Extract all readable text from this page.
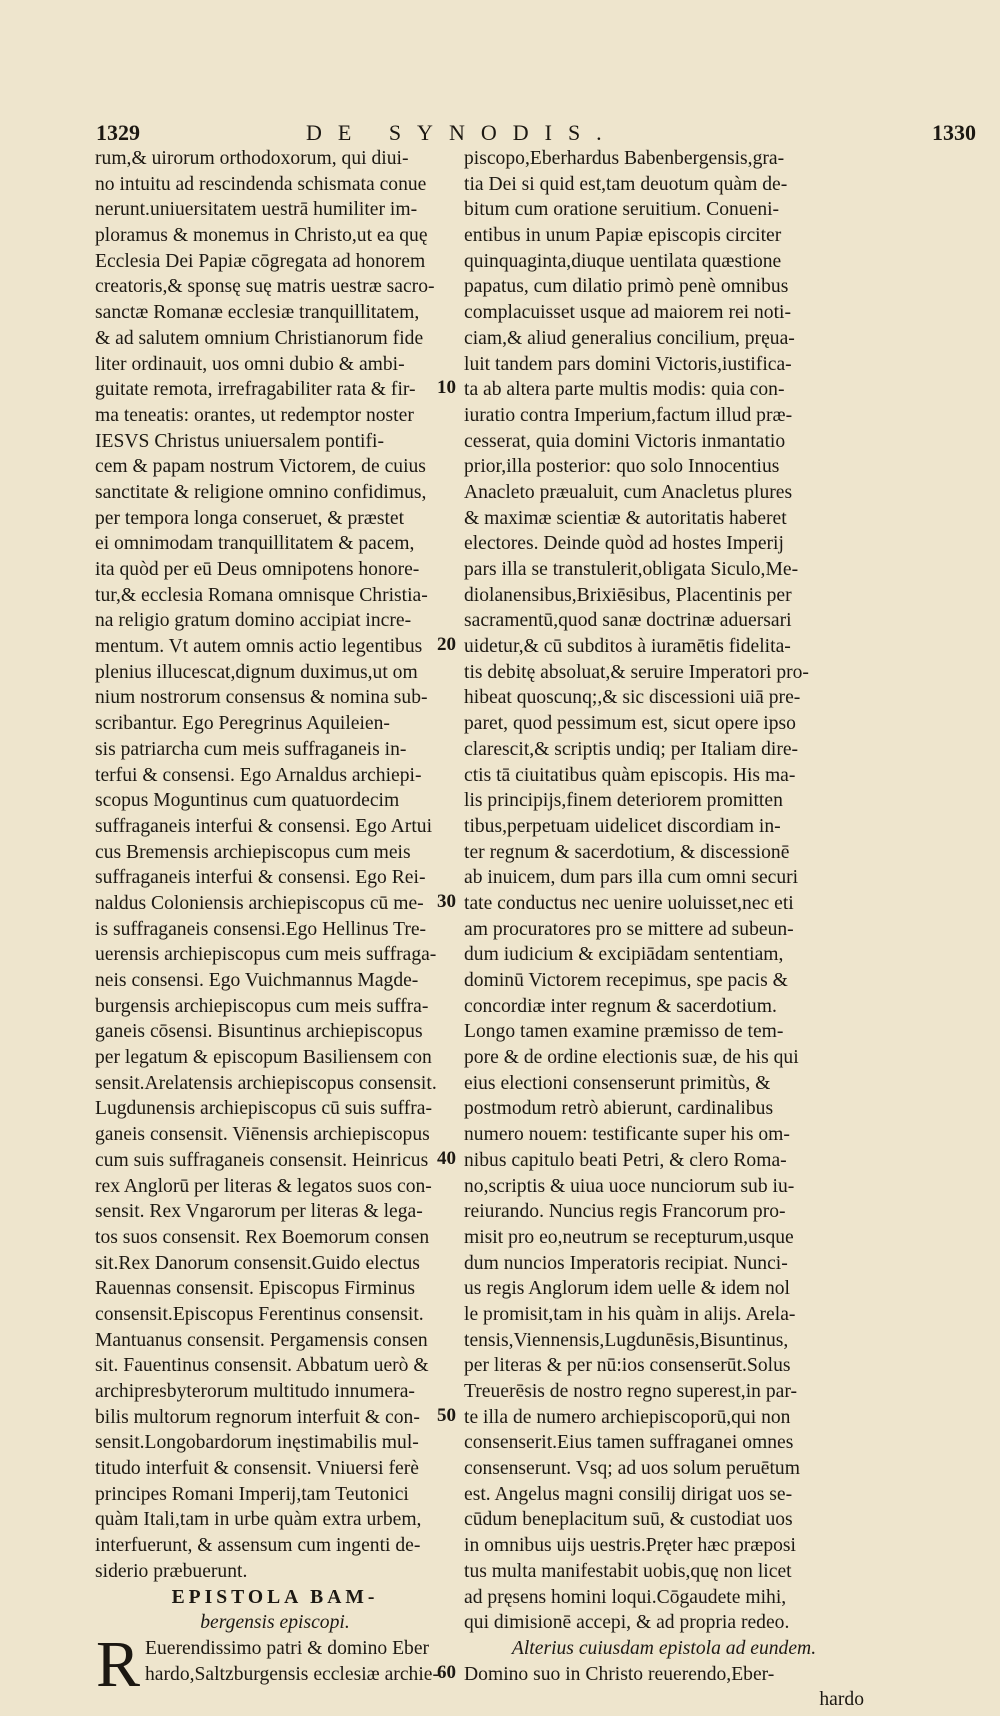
1329	DE SYNODIS.	1330
rum,& uirorum orthodoxorum, qui diui-
no intuitu ad rescindenda schismata conue
nerunt.uniuersitatem uestrā humiliter im-
ploramus & monemus in Christo,ut ea quę
Ecclesia Dei Papiæ cōgregata ad honorem
creatoris,& sponsę suę matris uestræ sacro-
sanctæ Romanæ ecclesiæ tranquillitatem,
& ad salutem omnium Christianorum fide
liter ordinauit, uos omni dubio & ambi-
guitate remota, irrefragabiliter rata & fir-
ma teneatis: orantes, ut redemptor noster
IESVS Christus uniuersalem pontifi-
cem & papam nostrum Victorem, de cuius
sanctitate & religione omnino confidimus,
per tempora longa conseruet, & præstet
ei omnimodam tranquillitatem & pacem,
ita quòd per eū Deus omnipotens honore-
tur,& ecclesia Romana omnisque Christia-
na religio gratum domino accipiat incre-
mentum. Vt autem omnis actio legentibus
plenius illucescat,dignum duximus,ut om
nium nostrorum consensus & nomina sub-
scribantur. Ego Peregrinus Aquileien-
sis patriarcha cum meis suffraganeis in-
terfui & consensi. Ego Arnaldus archiepi-
scopus Moguntinus cum quatuordecim
suffraganeis interfui & consensi. Ego Artui
cus Bremensis archiepiscopus cum meis
suffraganeis interfui & consensi. Ego Rei-
naldus Coloniensis archiepiscopus cū me-
is suffraganeis consensi.Ego Hellinus Tre-
uerensis archiepiscopus cum meis suffraga-
neis consensi. Ego Vuichmannus Magde-
burgensis archiepiscopus cum meis suffra-
ganeis cōsensi. Bisuntinus archiepiscopus
per legatum & episcopum Basiliensem con
sensit.Arelatensis archiepiscopus consensit.
Lugdunensis archiepiscopus cū suis suffra-
ganeis consensit. Viēnensis archiepiscopus
cum suis suffraganeis consensit. Heinricus
rex Anglorū per literas & legatos suos con-
sensit. Rex Vngarorum per literas & lega-
tos suos consensit. Rex Boemorum consen
sit.Rex Danorum consensit.Guido electus
Rauennas consensit. Episcopus Firminus
consensit.Episcopus Ferentinus consensit.
Mantuanus consensit. Pergamensis consen
sit. Fauentinus consensit. Abbatum uerò &
archipresbyterorum multitudo innumera-
bilis multorum regnorum interfuit & con-
sensit.Longobardorum inęstimabilis mul-
titudo interfuit & consensit. Vniuersi ferè
principes Romani Imperij,tam Teutonici
quàm Itali,tam in urbe quàm extra urbem,
interfuerunt, & assensum cum ingenti de-
siderio præbuerunt.
EPISTOLA BAM-
bergensis episcopi.
Euerendissimo patri & domino Eber
hardo,Saltzburgensis ecclesiæ archie-
piscopo,Eberhardus Babenbergensis,gra-
tia Dei si quid est,tam deuotum quàm de-
bitum cum oratione seruitium. Conueni-
entibus in unum Papiæ episcopis circiter
quinquaginta,diuque uentilata quæstione
papatus, cum dilatio primò penè omnibus
complacuisset usque ad maiorem rei noti-
ciam,& aliud generalius concilium, pręua-
luit tandem pars domini Victoris,iustifica-
ta ab altera parte multis modis: quia con-
iuratio contra Imperium,factum illud præ-
cesserat, quia domini Victoris inmantatio
prior,illa posterior: quo solo Innocentius
Anacleto præualuit, cum Anacletus plures
& maximæ scientiæ & autoritatis haberet
electores. Deinde quòd ad hostes Imperij
pars illa se transtulerit,obligata Siculo,Me-
diolanensibus,Brixiēsibus, Placentinis per
sacramentū,quod sanæ doctrinæ aduersari
uidetur,& cū subditos à iuramētis fidelita-
tis debitę absoluat,& seruire Imperatori pro-
hibeat quoscunq;,& sic discessioni uiā pre-
paret, quod pessimum est, sicut opere ipso
clarescit,& scriptis undiq; per Italiam dire-
ctis tā ciuitatibus quàm episcopis. His ma-
lis principijs,finem deteriorem promitten
tibus,perpetuam uidelicet discordiam in-
ter regnum & sacerdotium, & discessionē
ab inuicem, dum pars illa cum omni securi
tate conductus nec uenire uoluisset,nec eti
am procuratores pro se mittere ad subeun-
dum iudicium & excipiādam sententiam,
dominū Victorem recepimus, spe pacis &
concordiæ inter regnum & sacerdotium.
Longo tamen examine præmisso de tem-
pore & de ordine electionis suæ, de his qui
eius electioni consenserunt primitùs, &
postmodum retrò abierunt, cardinalibus
numero nouem: testificante super his om-
nibus capitulo beati Petri, & clero Roma-
no,scriptis & uiua uoce nunciorum sub iu-
reiurando. Nuncius regis Francorum pro-
misit pro eo,neutrum se recepturum,usque
dum nuncios Imperatoris recipiat. Nunci-
us regis Anglorum idem uelle & idem nol
le promisit,tam in his quàm in alijs. Arela-
tensis,Viennensis,Lugdunēsis,Bisuntinus,
per literas & per nū:ios consenserūt.Solus
Treuerēsis de nostro regno superest,in par-
te illa de numero archiepiscoporū,qui non
consenserit.Eius tamen suffraganei omnes
consenserunt. Vsq; ad uos solum peruētum
est. Angelus magni consilij dirigat uos se-
cūdum beneplacitum suū, & custodiat uos
in omnibus uijs uestris.Pręter hæc præposi
tus multa manifestabit uobis,quę non licet
ad pręsens homini loqui.Cōgaudete mihi,
qui dimisionē accepi, & ad propria redeo.
Alterius cuiusdam epistola ad eundem.
Domino suo in Christo reuerendo,Eber-
hardo
10
20
30
40
50
60
R
